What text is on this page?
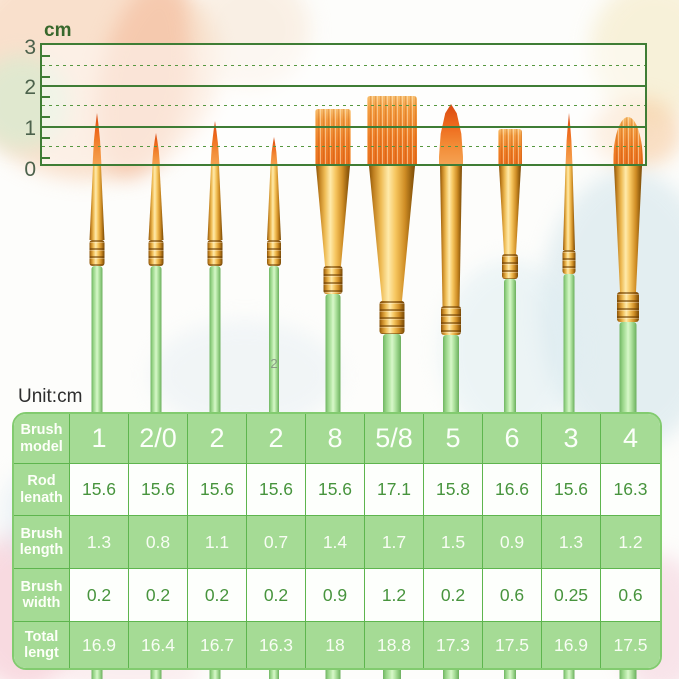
2
cm
3
2
1
0
Unit:cm
Brush model	1	2/0	2	2	8	5/8	5	6	3	4
Rod lenath	15.6	15.6	15.6	15.6	15.6	17.1	15.8	16.6	15.6	16.3
Brush length	1.3	0.8	1.1	0.7	1.4	1.7	1.5	0.9	1.3	1.2
Brush width	0.2	0.2	0.2	0.2	0.9	1.2	0.2	0.6	0.25	0.6
Total lengt	16.9	16.4	16.7	16.3	18	18.8	17.3	17.5	16.9	17.5
